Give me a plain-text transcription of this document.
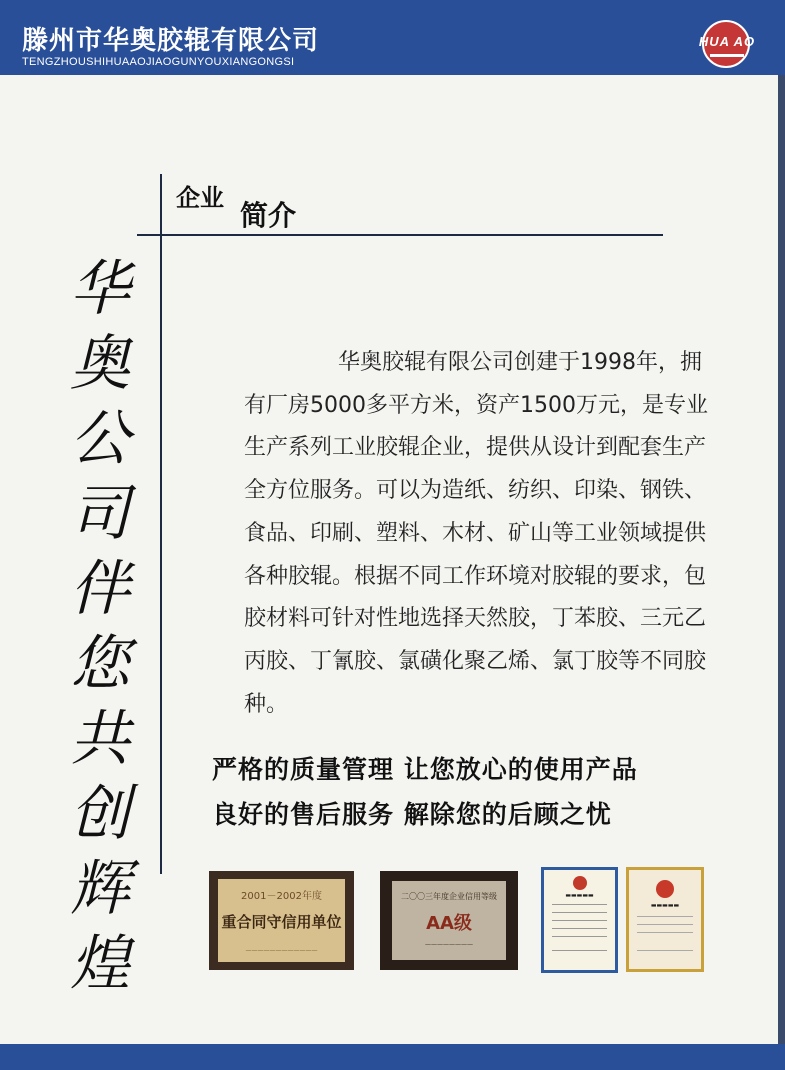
滕州市华奥胶辊有限公司
TENGZHOUSHIHUAAOJIAOGUNYOUXIANGONGSI
HUA AO
企业
简介
华
奥
公
司
伴
您
共
创
辉
煌
华奥胶辊有限公司创建于1998年，拥有厂房5000多平方米，资产1500万元，是专业生产系列工业胶辊企业，提供从设计到配套生产全方位服务。可以为造纸、纺织、印染、钢铁、食品、印刷、塑料、木材、矿山等工业领域提供各种胶辊。根据不同工作环境对胶辊的要求，包胶材料可针对性地选择天然胶，丁苯胶、三元乙丙胶、丁氰胶、氯磺化聚乙烯、氯丁胶等不同胶种。
严格的质量管理 让您放心的使用产品
良好的售后服务 解除您的后顾之忧
2001－2002年度
重合同守信用单位
————————————
二〇〇三年度企业信用等级
AA级
————————
▬▬▬▬▬
▬▬▬▬▬
